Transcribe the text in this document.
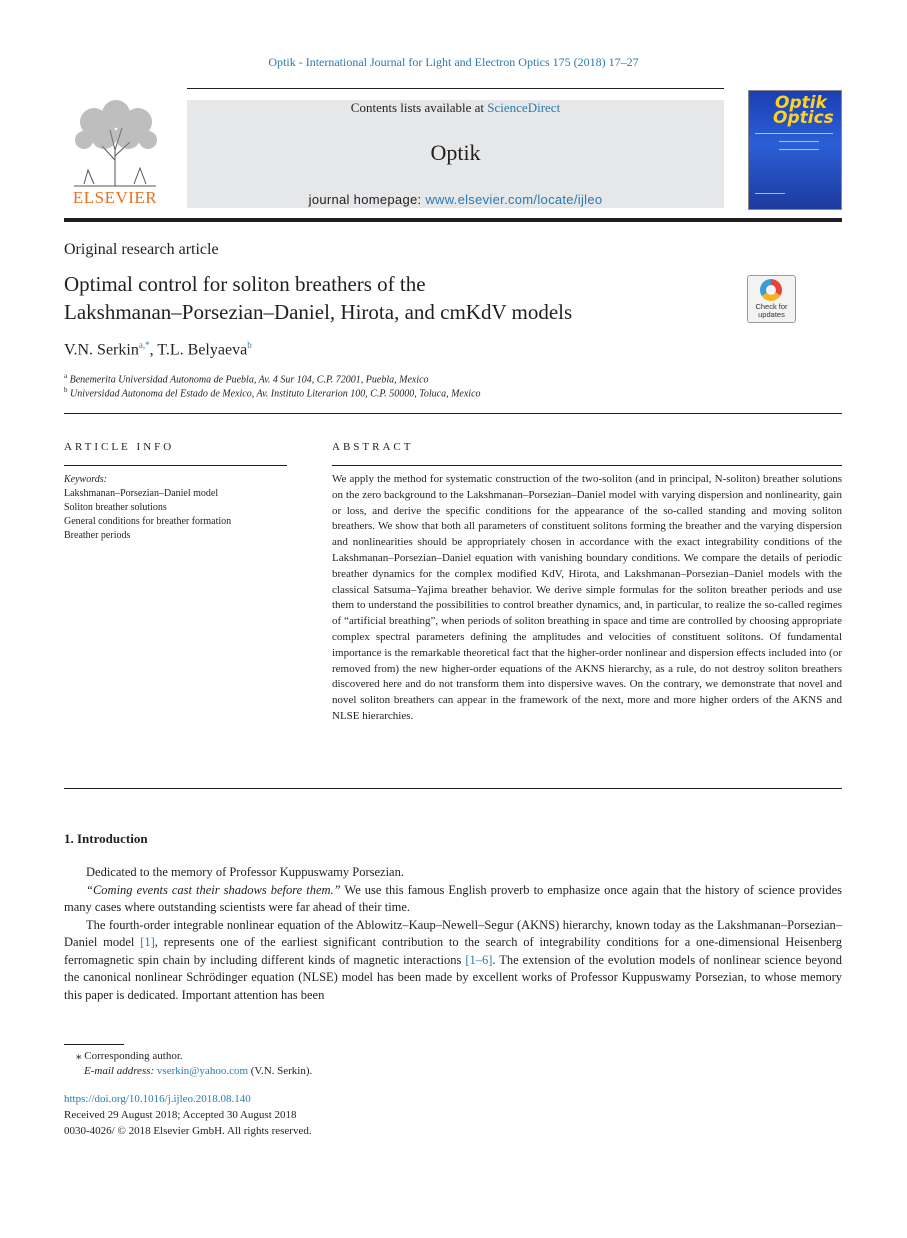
Optik - International Journal for Light and Electron Optics 175 (2018) 17–27
ELSEVIER
Contents lists available at ScienceDirect
Optik
journal homepage: www.elsevier.com/locate/ijleo
Optik
Optics
Original research article
Optimal control for soliton breathers of the
Lakshmanan–Porsezian–Daniel, Hirota, and cmKdV models	Check for
updates
V.N. Serkin$^{a,*}$, T.L. Belyaeva$^b$
$^a$ Benemerita Universidad Autonoma de Puebla, Av. 4 Sur 104, C.P. 72001, Puebla, Mexico
$^b$ Universidad Autonoma del Estado de Mexico, Av. Instituto Literarion 100, C.P. 50000, Toluca, Mexico
ARTICLE INFO
Keywords:
Lakshmanan–Porsezian–Daniel model
Soliton breather solutions
General conditions for breather formation
Breather periods
ABSTRACT
We apply the method for systematic construction of the two-soliton (and in principal, N-soliton) breather solutions on the zero background to the Lakshmanan–Porsezian–Daniel model with varying dispersion and nonlinearity, gain or loss, and derive the specific conditions for the appearance of the so-called standing and moving soliton breathers. We show that both all parameters of constituent solitons forming the breather and the varying dispersion and nonlinearities should be appropriately chosen in accordance with the exact integrability conditions of the Lakshmanan–Porsezian–Daniel equation with vanishing boundary conditions. We compare the details of periodic breather dynamics for the complex modified KdV, Hirota, and Lakshmanan–Porsezian–Daniel models with the classical Satsuma–Yajima breather behavior. We derive simple formulas for the soliton breather periods and use them to understand the possibilities to control breather dynamics, and, in particular, to realize the so-called regimes of “artificial breathing”, when periods of soliton breathing in space and time are controlled by choosing appropriate complex spectral parameters defining the amplitudes and velocities of constituent solitons. Of fundamental importance is the remarkable theoretical fact that the higher-order nonlinear and dispersion effects included into (or removed from) the new higher-order equations of the AKNS hierarchy, as a rule, do not destroy soliton breathers discovered here and do not transform them into dispersive waves. On the contrary, we demonstrate that novel and novel soliton breathers can appear in the framework of the next, more and more higher orders of the AKNS and NLSE hierarchies.
1. Introduction
Dedicated to the memory of Professor Kuppuswamy Porsezian.
“Coming events cast their shadows before them.” We use this famous English proverb to emphasize once again that the history of science provides many cases where outstanding scientists were far ahead of their time.
The fourth-order integrable nonlinear equation of the Ablowitz–Kaup–Newell–Segur (AKNS) hierarchy, known today as the Lakshmanan–Porsezian–Daniel model [1], represents one of the earliest significant contribution to the search of integrability conditions for a one-dimensional Heisenberg ferromagnetic spin chain by including different kinds of magnetic interactions [1–6]. The extension of the evolution models of nonlinear science beyond the canonical nonlinear Schrödinger equation (NLSE) model has been made by excellent works of Professor Kuppuswamy Porsezian, to whose memory this paper is dedicated. Important attention has been
⁎ Corresponding author.
E-mail address: vserkin@yahoo.com (V.N. Serkin).
https://doi.org/10.1016/j.ijleo.2018.08.140
Received 29 August 2018; Accepted 30 August 2018
0030-4026/ © 2018 Elsevier GmbH. All rights reserved.
